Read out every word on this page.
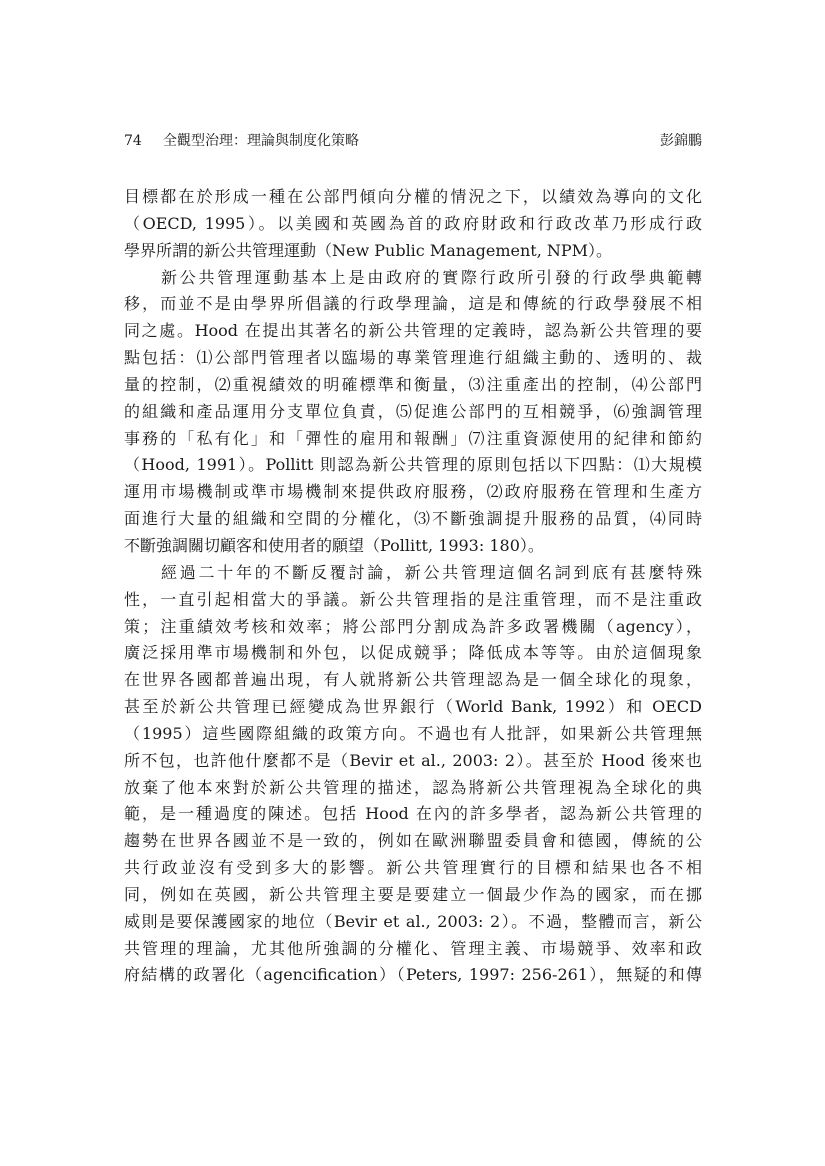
74 全觀型治理：理論與制度化策略	彭錦鵬

目標都在於形成一種在公部門傾向分權的情況之下，以績效為導向的文化
（OECD, 1995）。以美國和英國為首的政府財政和行政改革乃形成行政
學界所謂的新公共管理運動（New Public Management, NPM）。

新公共管理運動基本上是由政府的實際行政所引發的行政學典範轉
移，而並不是由學界所倡議的行政學理論，這是和傳統的行政學發展不相
同之處。Hood 在提出其著名的新公共管理的定義時，認為新公共管理的要
點包括：⑴公部門管理者以臨場的專業管理進行組織主動的、透明的、裁
量的控制，⑵重視績效的明確標準和衡量，⑶注重產出的控制，⑷公部門
的組織和產品運用分支單位負責，⑸促進公部門的互相競爭，⑹強調管理
事務的「私有化」和「彈性的雇用和報酬」⑺注重資源使用的紀律和節約
（Hood, 1991）。Pollitt 則認為新公共管理的原則包括以下四點：⑴大規模
運用市場機制或準市場機制來提供政府服務，⑵政府服務在管理和生產方
面進行大量的組織和空間的分權化，⑶不斷強調提升服務的品質，⑷同時
不斷強調關切顧客和使用者的願望（Pollitt, 1993: 180）。

經過二十年的不斷反覆討論，新公共管理這個名詞到底有甚麼特殊
性，一直引起相當大的爭議。新公共管理指的是注重管理，而不是注重政
策；注重績效考核和效率；將公部門分割成為許多政署機關（agency），
廣泛採用準市場機制和外包，以促成競爭；降低成本等等。由於這個現象
在世界各國都普遍出現，有人就將新公共管理認為是一個全球化的現象，
甚至於新公共管理已經變成為世界銀行（World Bank, 1992）和 OECD
（1995）這些國際組織的政策方向。不過也有人批評，如果新公共管理無
所不包，也許他什麼都不是（Bevir et al., 2003: 2）。甚至於 Hood 後來也
放棄了他本來對於新公共管理的描述，認為將新公共管理視為全球化的典
範，是一種過度的陳述。包括 Hood 在內的許多學者，認為新公共管理的
趨勢在世界各國並不是一致的，例如在歐洲聯盟委員會和德國，傳統的公
共行政並沒有受到多大的影響。新公共管理實行的目標和結果也各不相
同，例如在英國，新公共管理主要是要建立一個最少作為的國家，而在挪
威則是要保護國家的地位（Bevir et al., 2003: 2）。不過，整體而言，新公
共管理的理論，尤其他所強調的分權化、管理主義、市場競爭、效率和政
府結構的政署化（agencification）（Peters, 1997: 256-261），無疑的和傳
